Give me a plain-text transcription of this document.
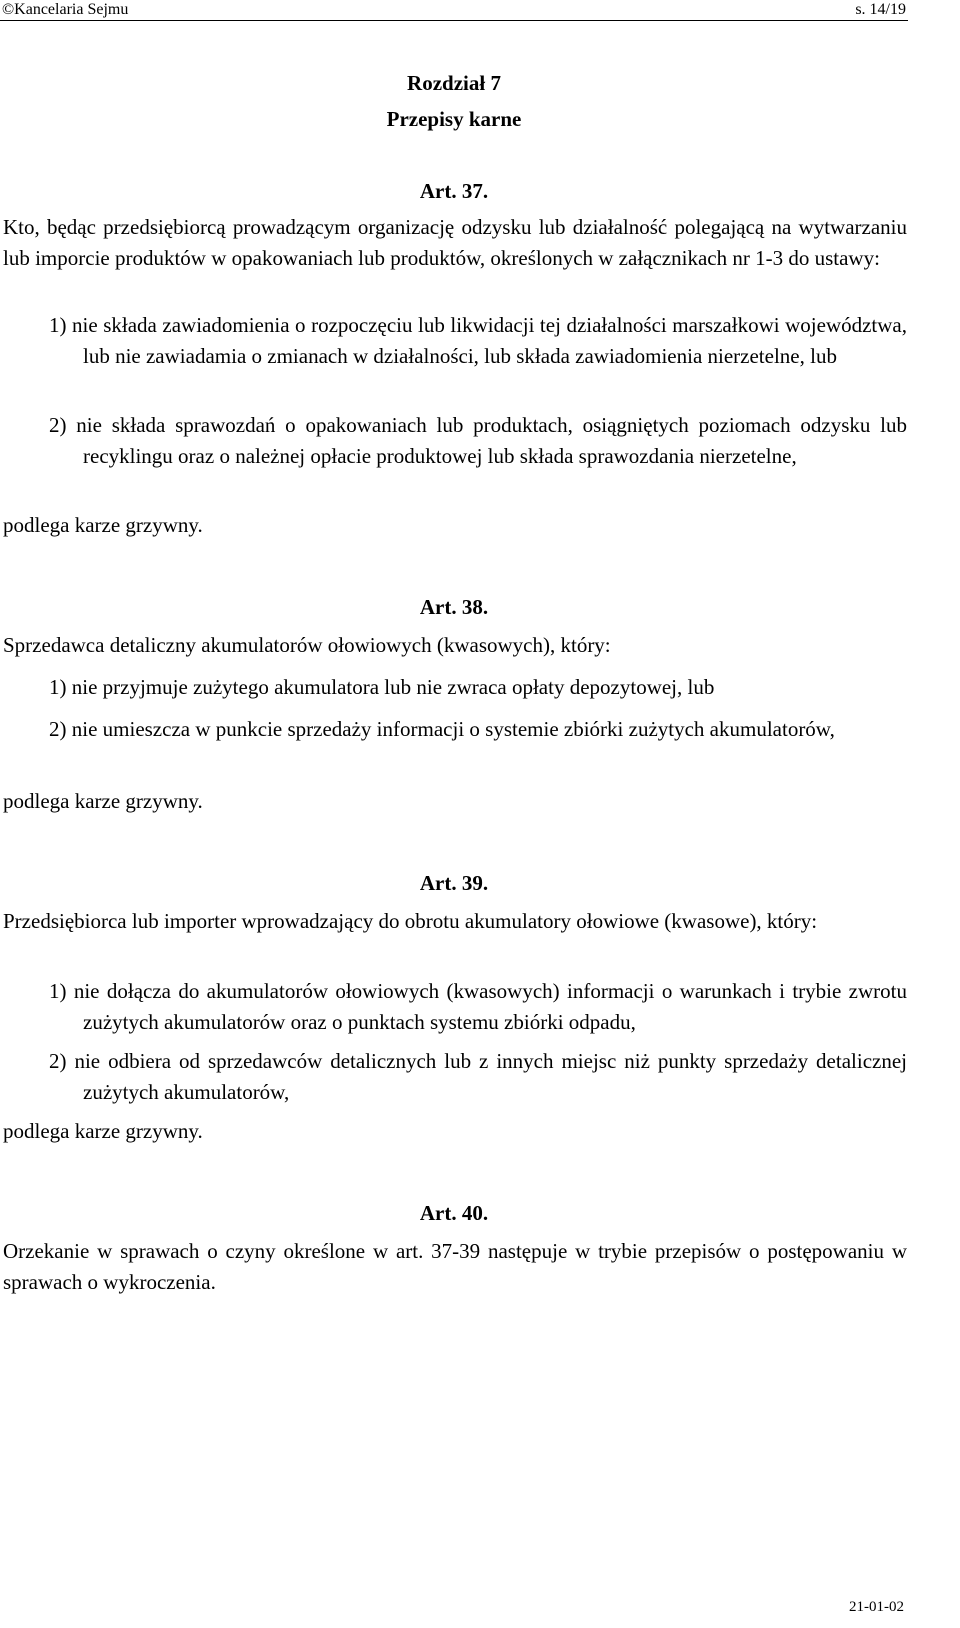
©Kancelaria Sejmu	s. 14/19
Rozdział 7
Przepisy karne
Art. 37.
Kto, będąc przedsiębiorcą prowadzącym organizację odzysku lub działalność polegającą na wytwarzaniu lub imporcie produktów w opakowaniach lub produktów, określonych w załącznikach nr 1-3 do ustawy:
1) nie składa zawiadomienia o rozpoczęciu lub likwidacji tej działalności marszałkowi województwa, lub nie zawiadamia o zmianach w działalności, lub składa zawiadomienia nierzetelne, lub
2) nie składa sprawozdań o opakowaniach lub produktach, osiągniętych poziomach odzysku lub recyklingu oraz o należnej opłacie produktowej lub składa sprawozdania nierzetelne,
podlega karze grzywny.
Art. 38.
Sprzedawca detaliczny akumulatorów ołowiowych (kwasowych), który:
1) nie przyjmuje zużytego akumulatora lub nie zwraca opłaty depozytowej, lub
2) nie umieszcza w punkcie sprzedaży informacji o systemie zbiórki zużytych akumulatorów,
podlega karze grzywny.
Art. 39.
Przedsiębiorca lub importer wprowadzający do obrotu akumulatory ołowiowe (kwasowe), który:
1) nie dołącza do akumulatorów ołowiowych (kwasowych) informacji o warunkach i trybie zwrotu zużytych akumulatorów oraz o punktach systemu zbiórki odpadu,
2) nie odbiera od sprzedawców detalicznych lub z innych miejsc niż punkty sprzedaży detalicznej zużytych akumulatorów,
podlega karze grzywny.
Art. 40.
Orzekanie w sprawach o czyny określone w art. 37-39 następuje w trybie przepisów o postępowaniu w sprawach o wykroczenia.
21-01-02
